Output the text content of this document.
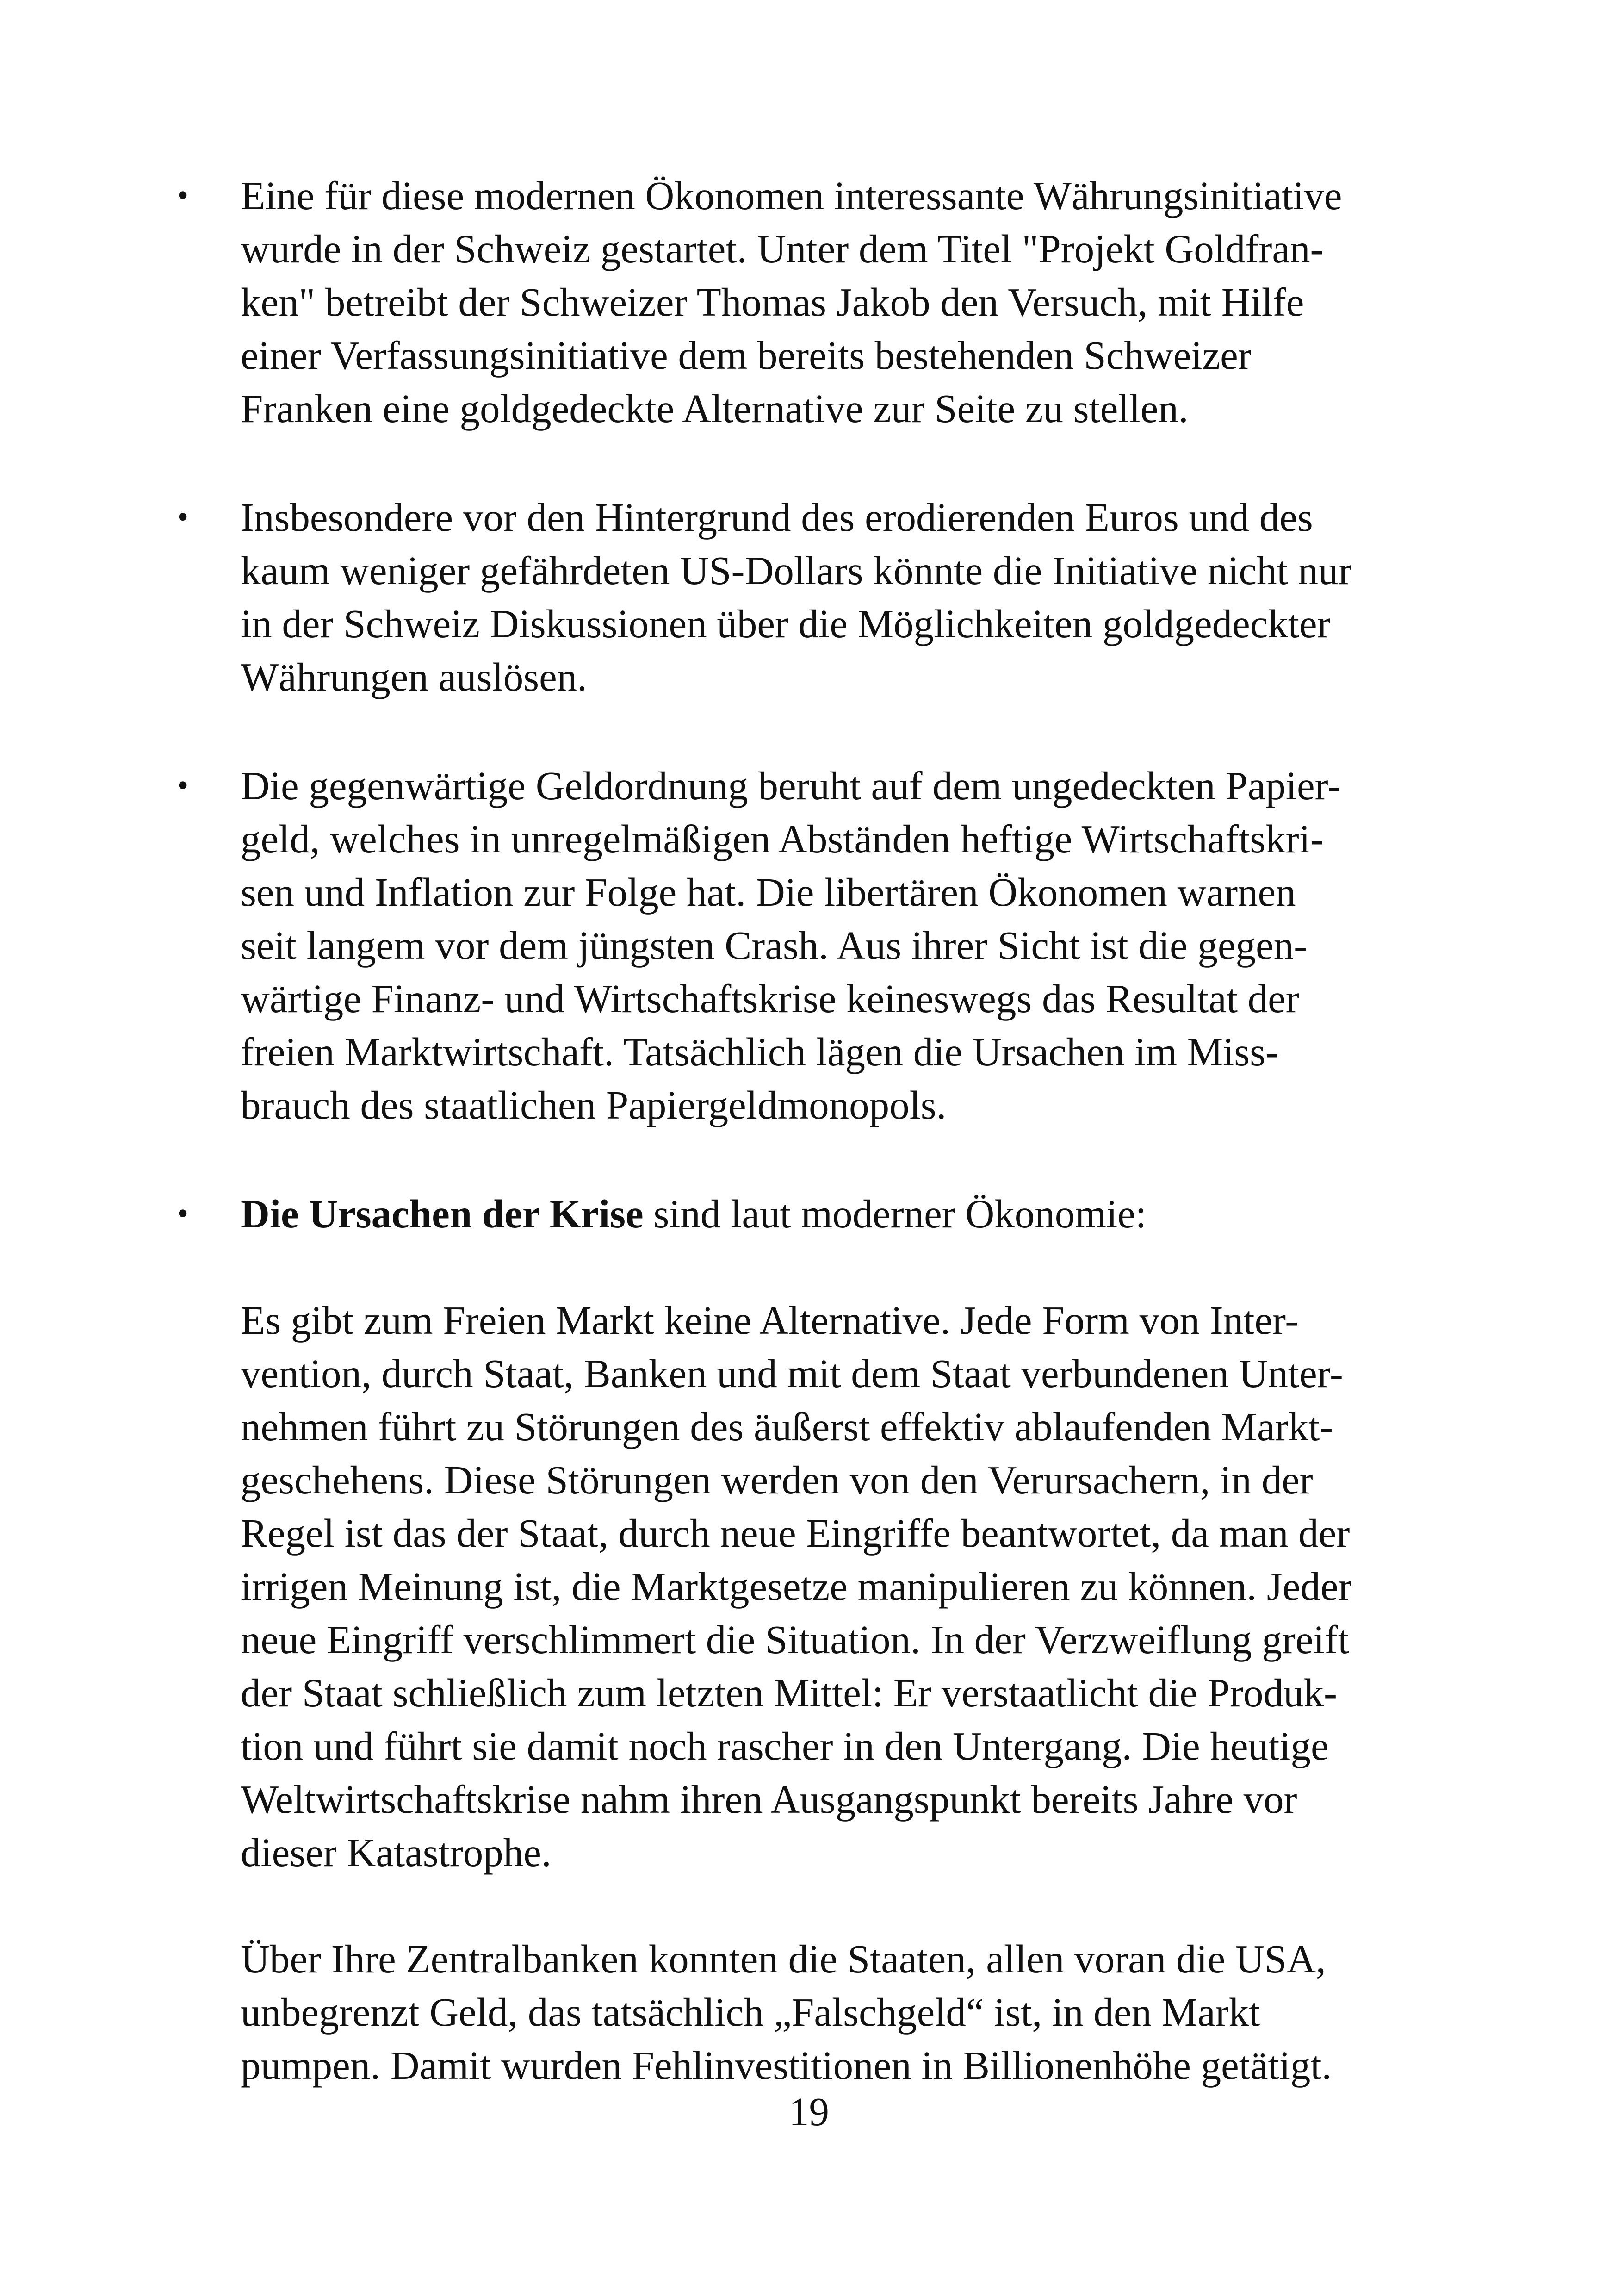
• Eine für diese modernen Ökonomen interessante Währungsinitiative
wurde in der Schweiz gestartet. Unter dem Titel "Projekt Goldfran-
ken" betreibt der Schweizer Thomas Jakob den Versuch, mit Hilfe
einer Verfassungsinitiative dem bereits bestehenden Schweizer
Franken eine goldgedeckte Alternative zur Seite zu stellen.
• Insbesondere vor den Hintergrund des erodierenden Euros und des
kaum weniger gefährdeten US-Dollars könnte die Initiative nicht nur
in der Schweiz Diskussionen über die Möglichkeiten goldgedeckter
Währungen auslösen.
• Die gegenwärtige Geldordnung beruht auf dem ungedeckten Papier-
geld, welches in unregelmäßigen Abständen heftige Wirtschaftskri-
sen und Inflation zur Folge hat. Die libertären Ökonomen warnen
seit langem vor dem jüngsten Crash. Aus ihrer Sicht ist die gegen-
wärtige Finanz- und Wirtschaftskrise keineswegs das Resultat der
freien Marktwirtschaft. Tatsächlich lägen die Ursachen im Miss-
brauch des staatlichen Papiergeldmonopols.
• Die Ursachen der Krise sind laut moderner Ökonomie:
Es gibt zum Freien Markt keine Alternative. Jede Form von Inter-
vention, durch Staat, Banken und mit dem Staat verbundenen Unter-
nehmen führt zu Störungen des äußerst effektiv ablaufenden Markt-
geschehens. Diese Störungen werden von den Verursachern, in der
Regel ist das der Staat, durch neue Eingriffe beantwortet, da man der
irrigen Meinung ist, die Marktgesetze manipulieren zu können. Jeder
neue Eingriff verschlimmert die Situation. In der Verzweiflung greift
der Staat schließlich zum letzten Mittel: Er verstaatlicht die Produk-
tion und führt sie damit noch rascher in den Untergang. Die heutige
Weltwirtschaftskrise nahm ihren Ausgangspunkt bereits Jahre vor
dieser Katastrophe.
Über Ihre Zentralbanken konnten die Staaten, allen voran die USA,
unbegrenzt Geld, das tatsächlich „Falschgeld“ ist, in den Markt
pumpen. Damit wurden Fehlinvestitionen in Billionenhöhe getätigt.
19
